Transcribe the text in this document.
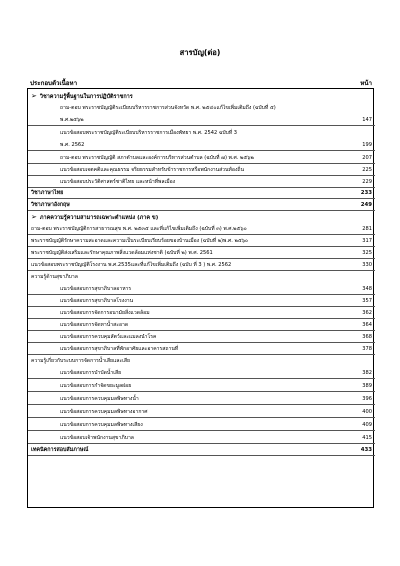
สารบัญ(ต่อ)
ประกอบตัวเนื้อหา	หน้า
➢ วิชาความรู้พื้นฐานในการปฏิบัติราชการ
ถาม-ตอบ พระราชบัญญัติระเบียบบริหารราชการส่วนจังหวัด พ.ศ. ๒๕๔๐แก้ไขเพิ่มเติมถึง (ฉบับที่ ๕)
พ.ศ.๒๕๖๒	147
แนวข้อสอบพระราชบัญญัติระเบียบบริหารราชการเมืองพัทยา พ.ศ. 2542 ฉบับที่ 3
พ.ศ. 2562	199
ถาม-ตอบ พระราชบัญญัติ สภาตำบลและองค์การบริหารส่วนตำบล (ฉบับที่ ๗) พ.ศ. ๒๕๖๒	207
แนวข้อสอบเจตคติและคุณธรรม จริยธรรมสำหรับข้าราชการหรือพนักงานส่วนท้องถิ่น	225
แนวข้อสอบประวัติศาสตร์ชาติไทย และหน้าที่พลเมือง	229
วิชาภาษาไทย	233
วิชาภาษาอังกฤษ	249
➢ ภาคความรู้ความสามารถเฉพาะตำแหน่ง (ภาค ข)
ถาม-ตอบ พระราชบัญญัติการสาธารณสุข พ.ศ. ๒๕๓๕ และที่แก้ไขเพิ่มเติมถึง (ฉบับที่ ๓) พ.ศ.๒๕๖๐	281
พระราชบัญญัติรักษาความสะอาดและความเป็นระเบียบเรียบร้อยของบ้านเมือง (ฉบับที่ ๒)พ.ศ. ๒๕๖๐	317
พระราชบัญญัติส่งเสริมและรักษาคุณภาพสิ่งแวดล้อมแห่งชาติ (ฉบับที่ ๒) พ.ศ. 2561	325
แนวข้อสอบพระราชบัญญัติโรงงาน พ.ศ.2535และที่แก้ไขเพิ่มเติมถึง (ฉบับ ที่ 3 ) พ.ศ. 2562	330
ความรู้ด้านสุขาภิบาล
แนวข้อสอบการสุขาภิบาลอาหาร	348
แนวข้อสอบการสุขาภิบาลโรงงาน	357
แนวข้อสอบการจัดการอนามัยสิ่งแวดล้อม	362
แนวข้อสอบการจัดหาน้ำสะอาด	364
แนวข้อสอบการควบคุมสัตว์และแมลงนำโรค	368
แนวข้อสอบการสุขาภิบาลที่พักอาศัยและอาคารสถานที่	378
ความรู้เกี่ยวกับระบบการจัดการน้ำเสียและเสีย
แนวข้อสอบการบำบัดน้ำเสีย	382
แนวข้อสอบการกำจัดขยะมูลฝอย	389
แนวข้อสอบการควบคุมมลพิษทางน้ำ	396
แนวข้อสอบการควบคุมมลพิษทางอากาศ	400
แนวข้อสอบการควบคุมมลพิษทางเสียง	409
แนวข้อสอบเจ้าพนักงานสุขาภิบาล	415
เทคนิคการสอบสัมภาษณ์	433
